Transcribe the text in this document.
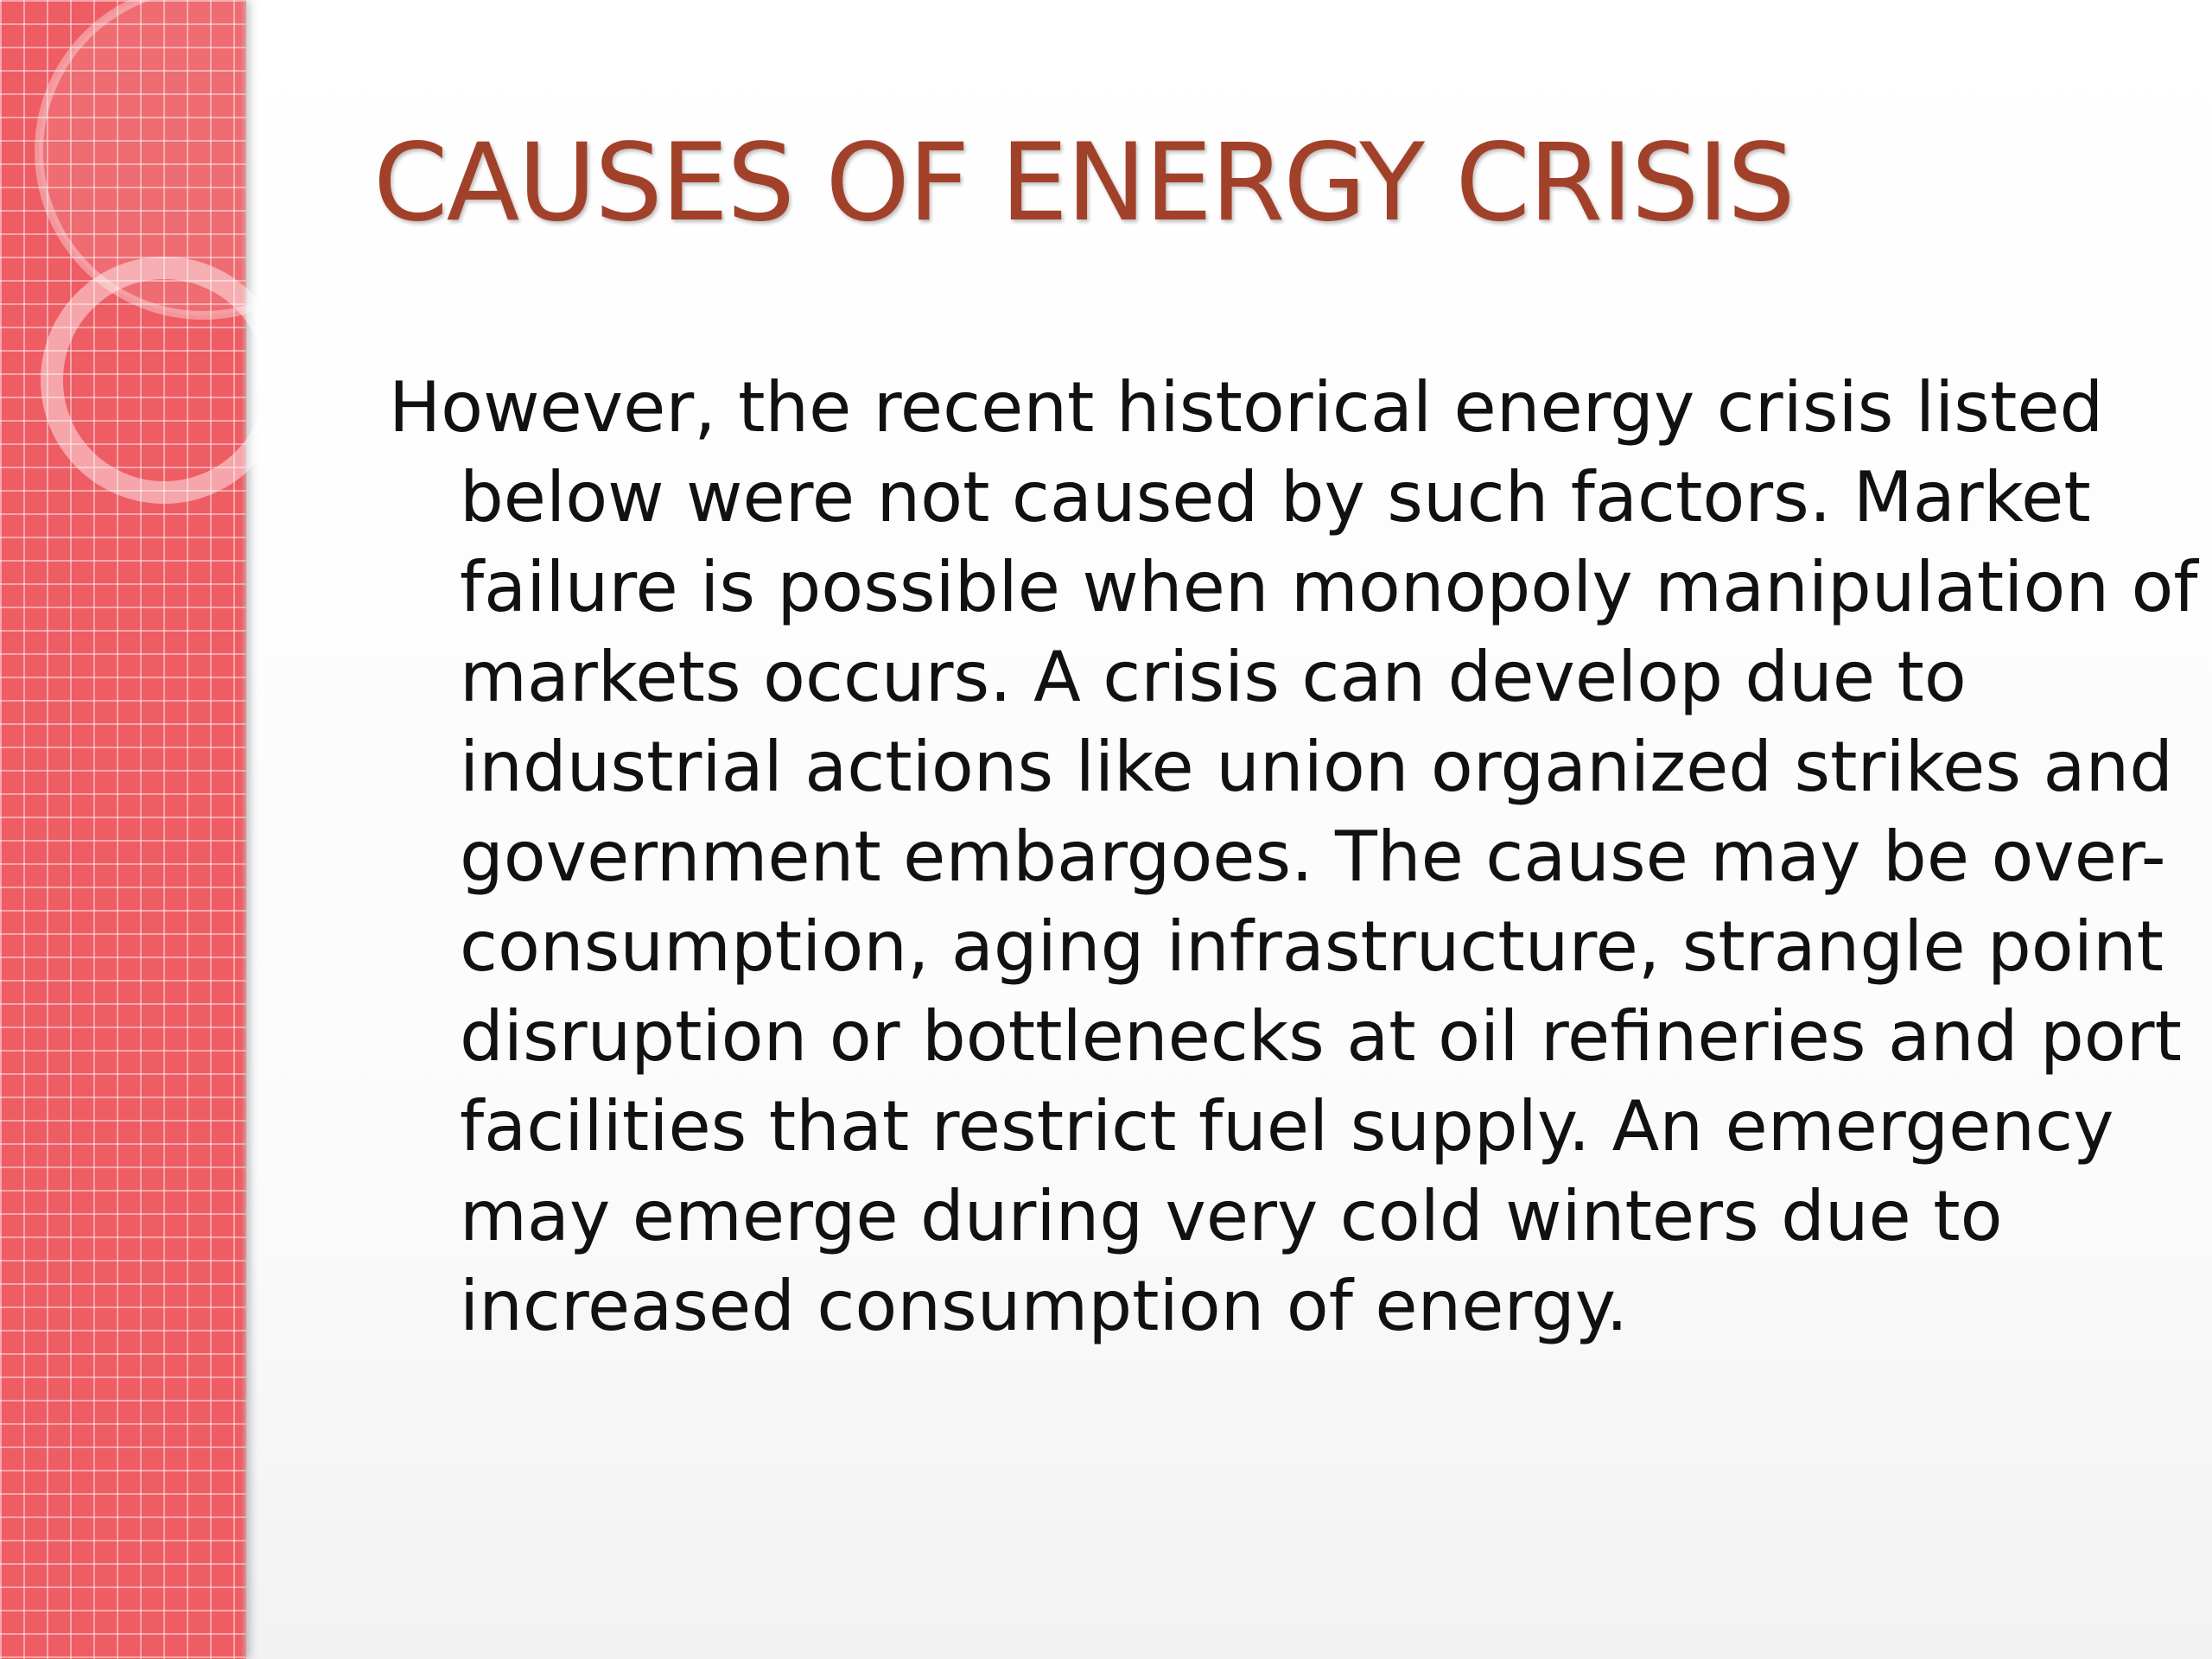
CAUSES OF ENERGY CRISIS

However, the recent historical energy crisis listed below were not caused by such factors. Market failure is possible when monopoly manipulation of markets occurs. A crisis can develop due to industrial actions like union organized strikes and government embargoes. The cause may be over-consumption, aging infrastructure, strangle point disruption or bottlenecks at oil refineries and port facilities that restrict fuel supply. An emergency may emerge during very cold winters due to increased consumption of energy.
